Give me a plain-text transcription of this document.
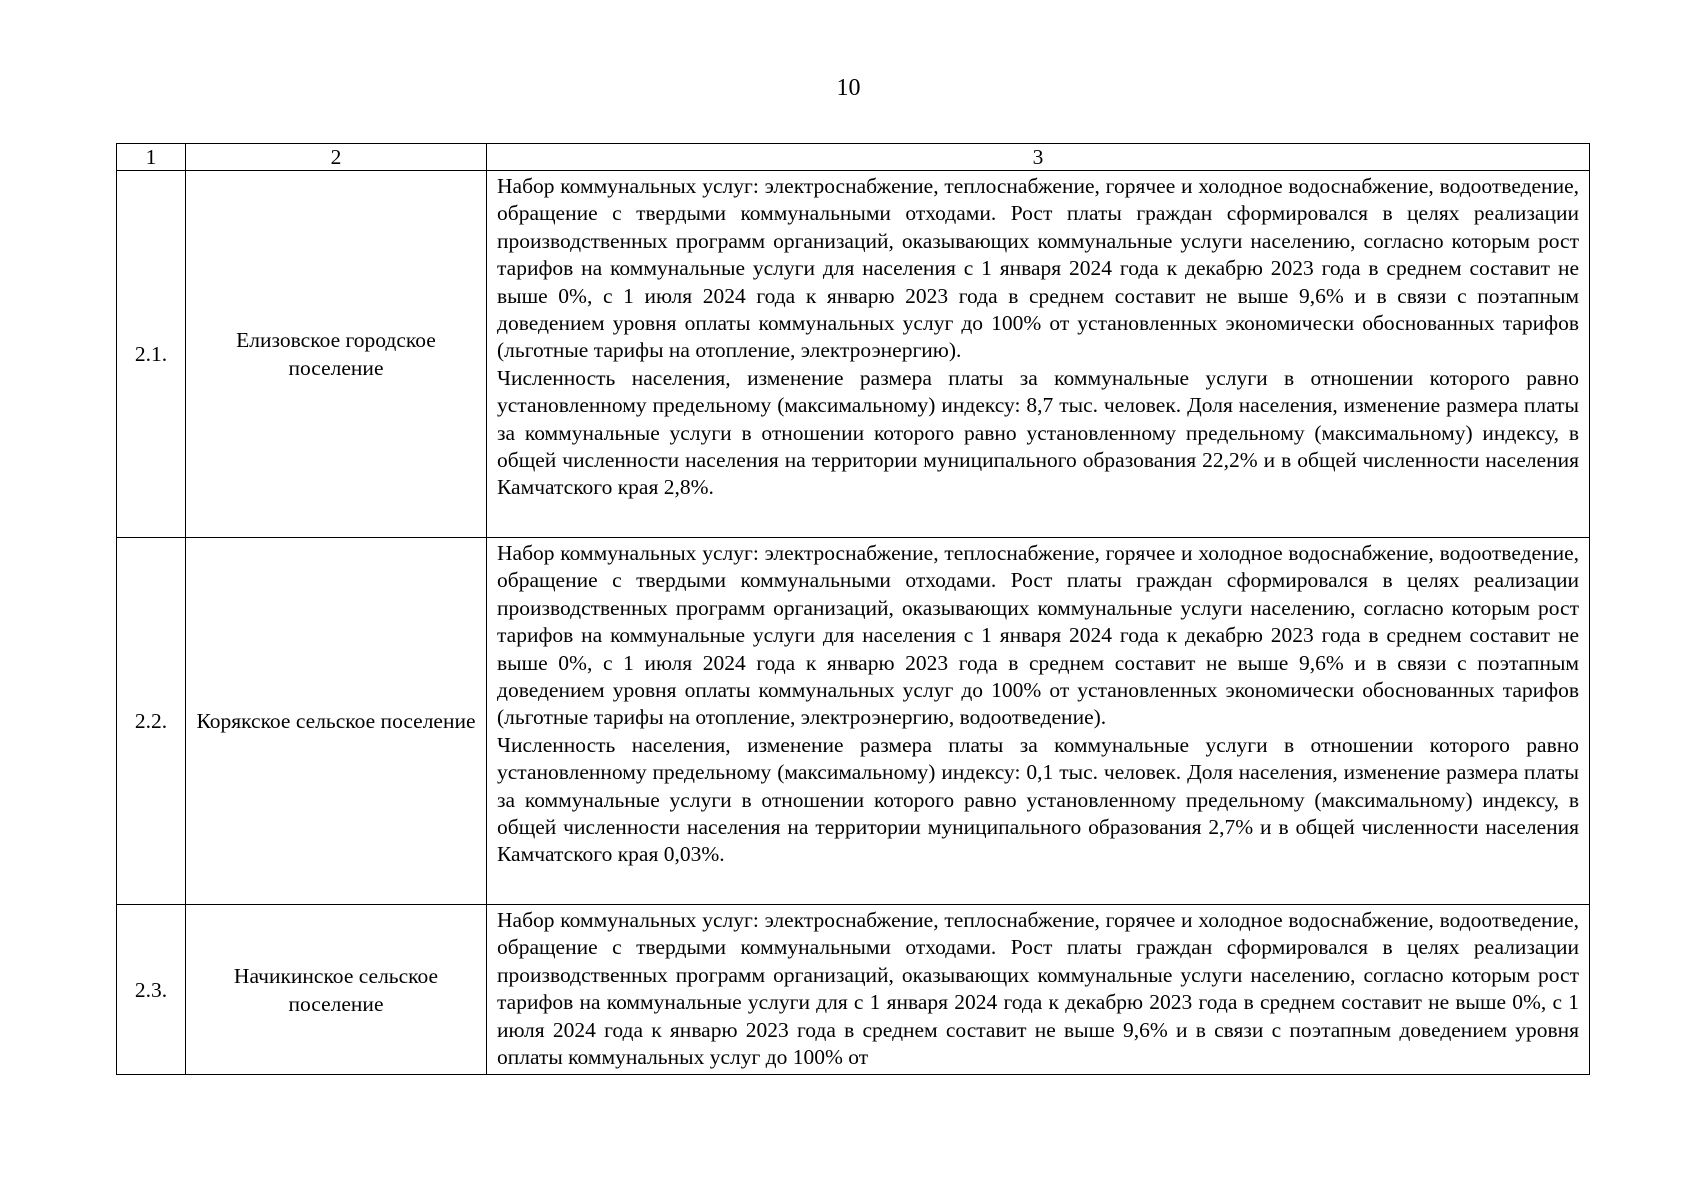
10
1	2	3
2.1.	Елизовское городское поселение	Набор коммунальных услуг: электроснабжение, теплоснабжение, горячее и холодное водоснабжение, водоотведение, обращение с твердыми коммунальными отходами. Рост платы граждан сформировался в целях реализации производственных программ организаций, оказывающих коммунальные услуги населению, согласно которым рост тарифов на коммунальные услуги для населения с 1 января 2024 года к декабрю 2023 года в среднем составит не выше 0%, с 1 июля 2024 года к январю 2023 года в среднем составит не выше 9,6% и в связи с поэтапным доведением уровня оплаты коммунальных услуг до 100% от установленных экономически обоснованных тарифов (льготные тарифы на отопление, электроэнергию).

Численность населения, изменение размера платы за коммунальные услуги в отношении которого равно установленному предельному (максимальному) индексу: 8,7 тыс. человек. Доля населения, изменение размера платы за коммунальные услуги в отношении которого равно установленному предельному (максимальному) индексу, в общей численности населения на территории муниципального образования 22,2% и в общей численности населения Камчатского края 2,8%.

2.2.	Корякское сельское поселение	Набор коммунальных услуг: электроснабжение, теплоснабжение, горячее и холодное водоснабжение, водоотведение, обращение с твердыми коммунальными отходами. Рост платы граждан сформировался в целях реализации производственных программ организаций, оказывающих коммунальные услуги населению, согласно которым рост тарифов на коммунальные услуги для населения с 1 января 2024 года к декабрю 2023 года в среднем составит не выше 0%, с 1 июля 2024 года к январю 2023 года в среднем составит не выше 9,6% и в связи с поэтапным доведением уровня оплаты коммунальных услуг до 100% от установленных экономически обоснованных тарифов (льготные тарифы на отопление, электроэнергию, водоотведение).

Численность населения, изменение размера платы за коммунальные услуги в отношении которого равно установленному предельному (максимальному) индексу: 0,1 тыс. человек. Доля населения, изменение размера платы за коммунальные услуги в отношении которого равно установленному предельному (максимальному) индексу, в общей численности населения на территории муниципального образования 2,7% и в общей численности населения Камчатского края 0,03%.

2.3.	Начикинское сельское поселение	Набор коммунальных услуг: электроснабжение, теплоснабжение, горячее и холодное водоснабжение, водоотведение, обращение с твердыми коммунальными отходами. Рост платы граждан сформировался в целях реализации производственных программ организаций, оказывающих коммунальные услуги населению, согласно которым рост тарифов на коммунальные услуги для с 1 января 2024 года к декабрю 2023 года в среднем составит не выше 0%, с 1 июля 2024 года к январю 2023 года в среднем составит не выше 9,6% и в связи с поэтапным доведением уровня оплаты коммунальных услуг до 100% от
